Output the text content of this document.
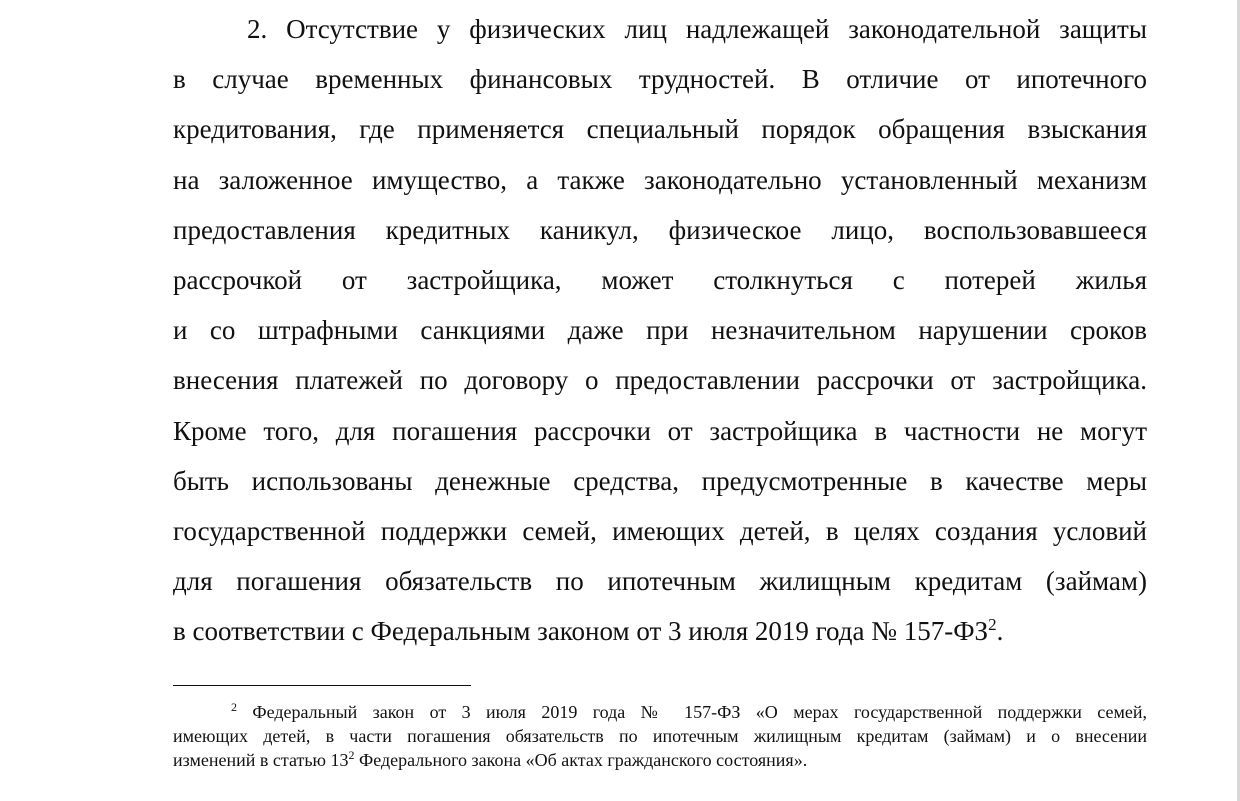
2. Отсутствие у физических лиц надлежащей законодательной защиты
в случае временных финансовых трудностей. В отличие от ипотечного
кредитования, где применяется специальный порядок обращения взыскания
на заложенное имущество, а также законодательно установленный механизм
предоставления кредитных каникул, физическое лицо, воспользовавшееся
рассрочкой от застройщика, может столкнуться с потерей жилья
и со штрафными санкциями даже при незначительном нарушении сроков
внесения платежей по договору о предоставлении рассрочки от застройщика.
Кроме того, для погашения рассрочки от застройщика в частности не могут
быть использованы денежные средства, предусмотренные в качестве меры
государственной поддержки семей, имеющих детей, в целях создания условий
для погашения обязательств по ипотечным жилищным кредитам (займам)
в соответствии с Федеральным законом от 3 июля 2019 года № 157-ФЗ$^2$.

$^2$ Федеральный закон от 3 июля 2019 года № 157-ФЗ «О мерах государственной поддержки семей,
имеющих детей, в части погашения обязательств по ипотечным жилищным кредитам (займам) и о внесении
изменений в статью 13$^2$ Федерального закона «Об актах гражданского состояния».
